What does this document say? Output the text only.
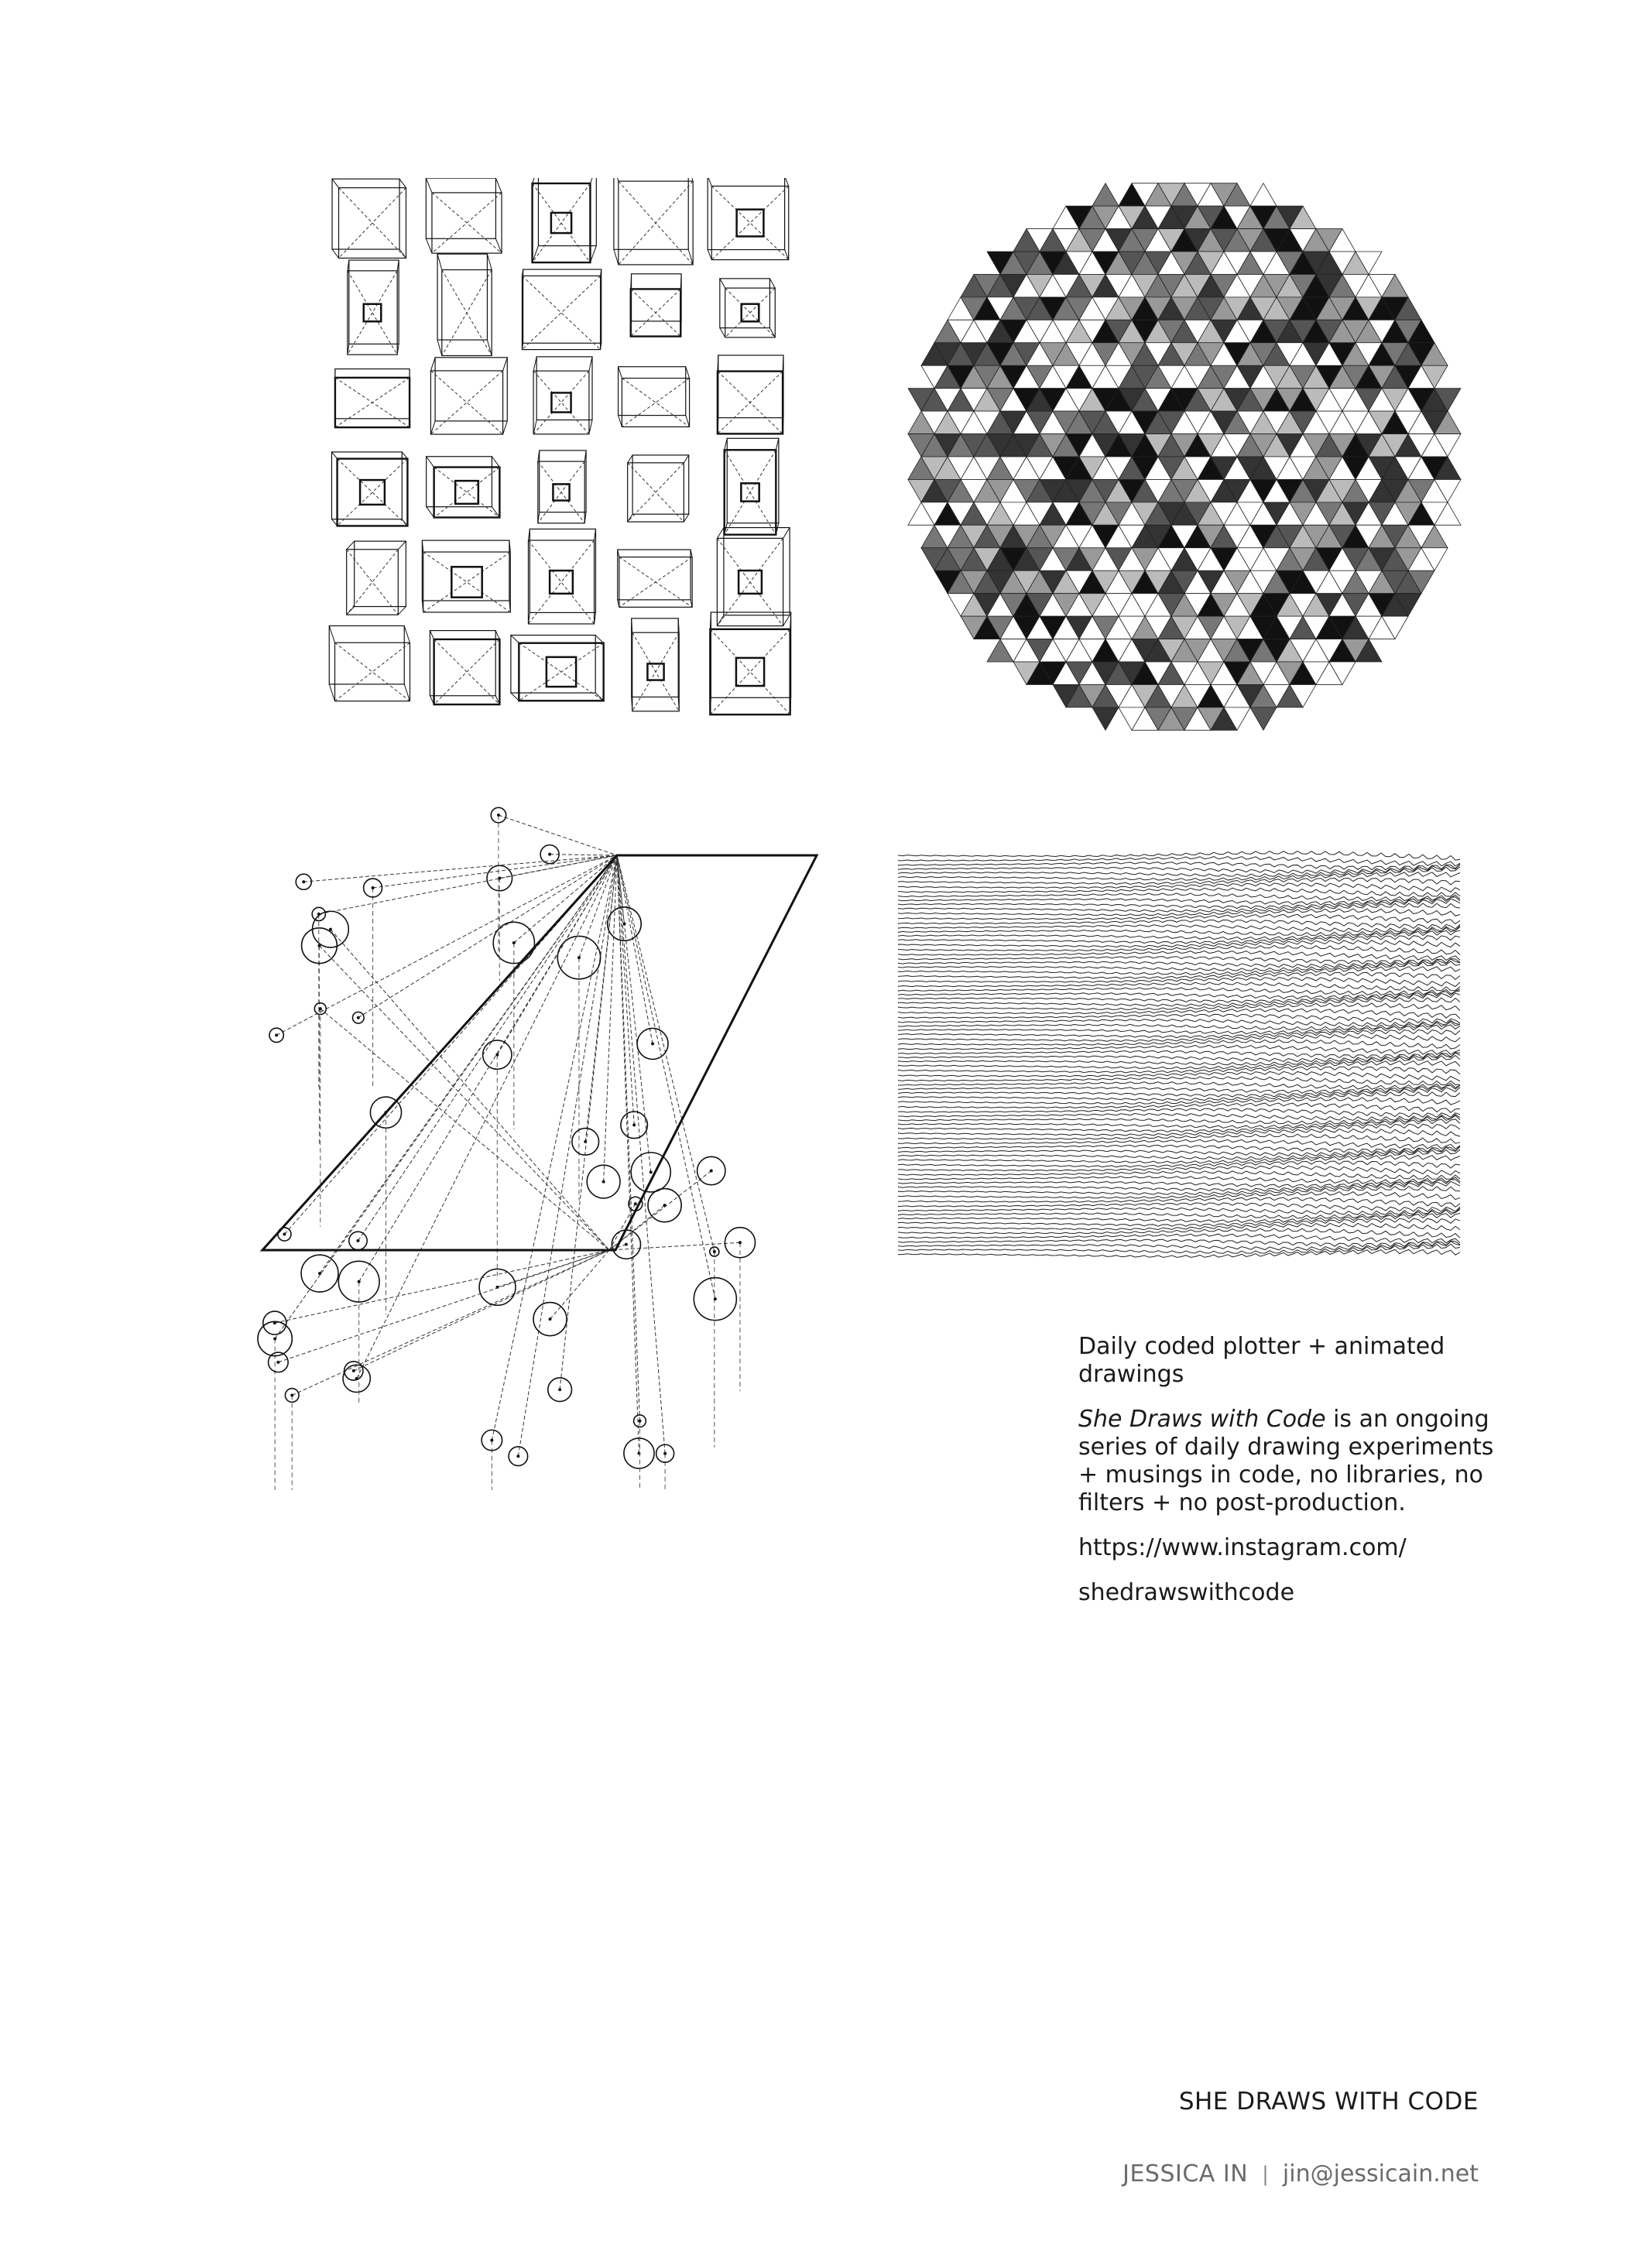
Daily coded plotter + animated drawings

She Draws with Code is an ongoing series of daily drawing experiments + musings in code, no libraries, no filters + no post-production.

https://www.instagram.com/

shedrawswithcode

SHE DRAWS WITH CODE
JESSICA IN | jin@jessicain.net
